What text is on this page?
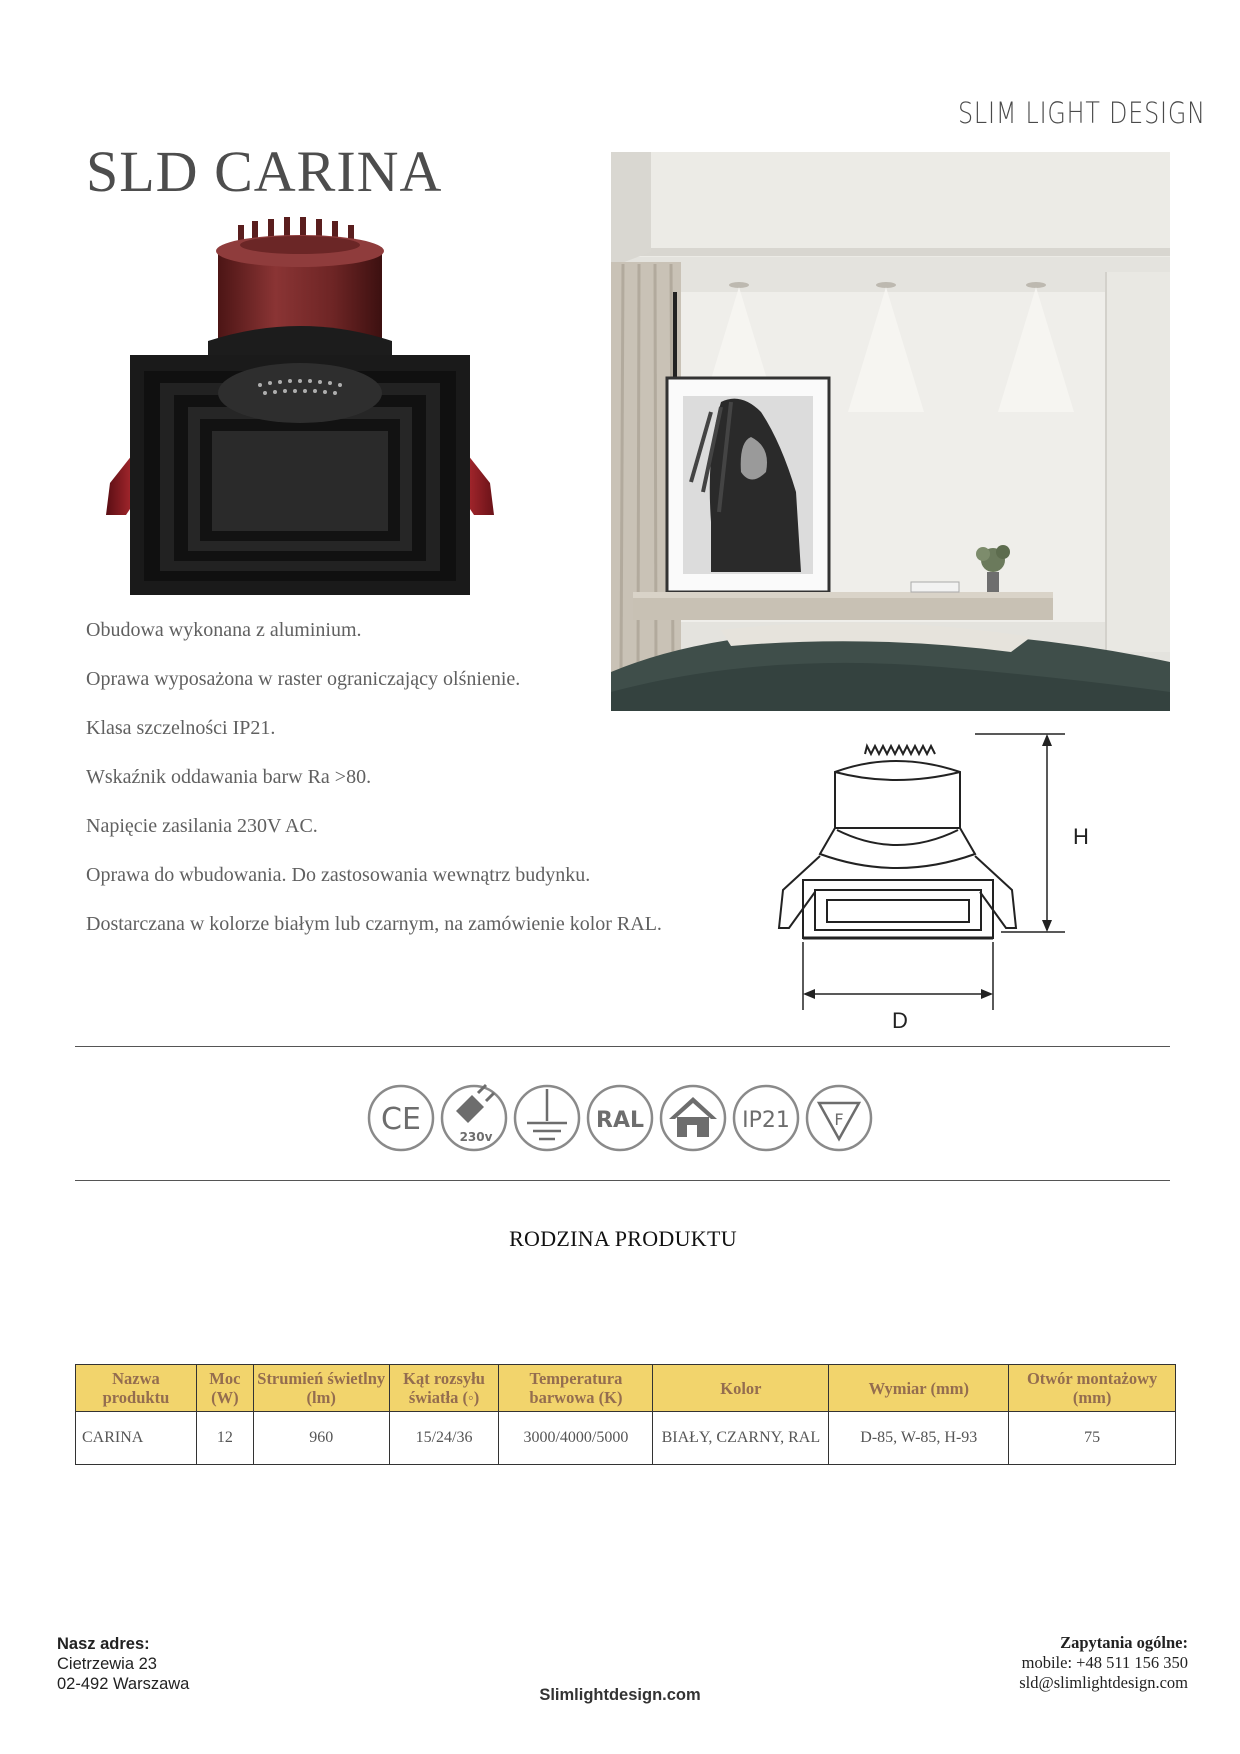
SLIM LIGHT DESIGN
SLD CARINA
Obudowa wykonana z aluminium.
Oprawa wyposażona w raster ograniczający olśnienie.
Klasa szczelności IP21.
Wskaźnik oddawania barw Ra >80.
Napięcie zasilania 230V AC.
Oprawa do wbudowania. Do zastosowania wewnątrz budynku.
Dostarczana w kolorze białym lub czarnym, na zamówienie kolor RAL.
H
D
CE	230v
RAL	IP21	F
RODZINA PRODUKTU
Nazwa produktu	Moc (W)	Strumień świetlny (lm)	Kąt rozsyłu światła (◦)	Temperatura barwowa (K)	Kolor	Wymiar (mm)	Otwór montażowy (mm)
CARINA	12	960	15/24/36	3000/4000/5000	BIAŁY, CZARNY, RAL	D-85, W-85, H-93	75
Nasz adres:
Cietrzewia 23
02-492 Warszawa
Zapytania ogólne:
mobile: +48 511 156 350
sld@slimlightdesign.com
Slimlightdesign.com
